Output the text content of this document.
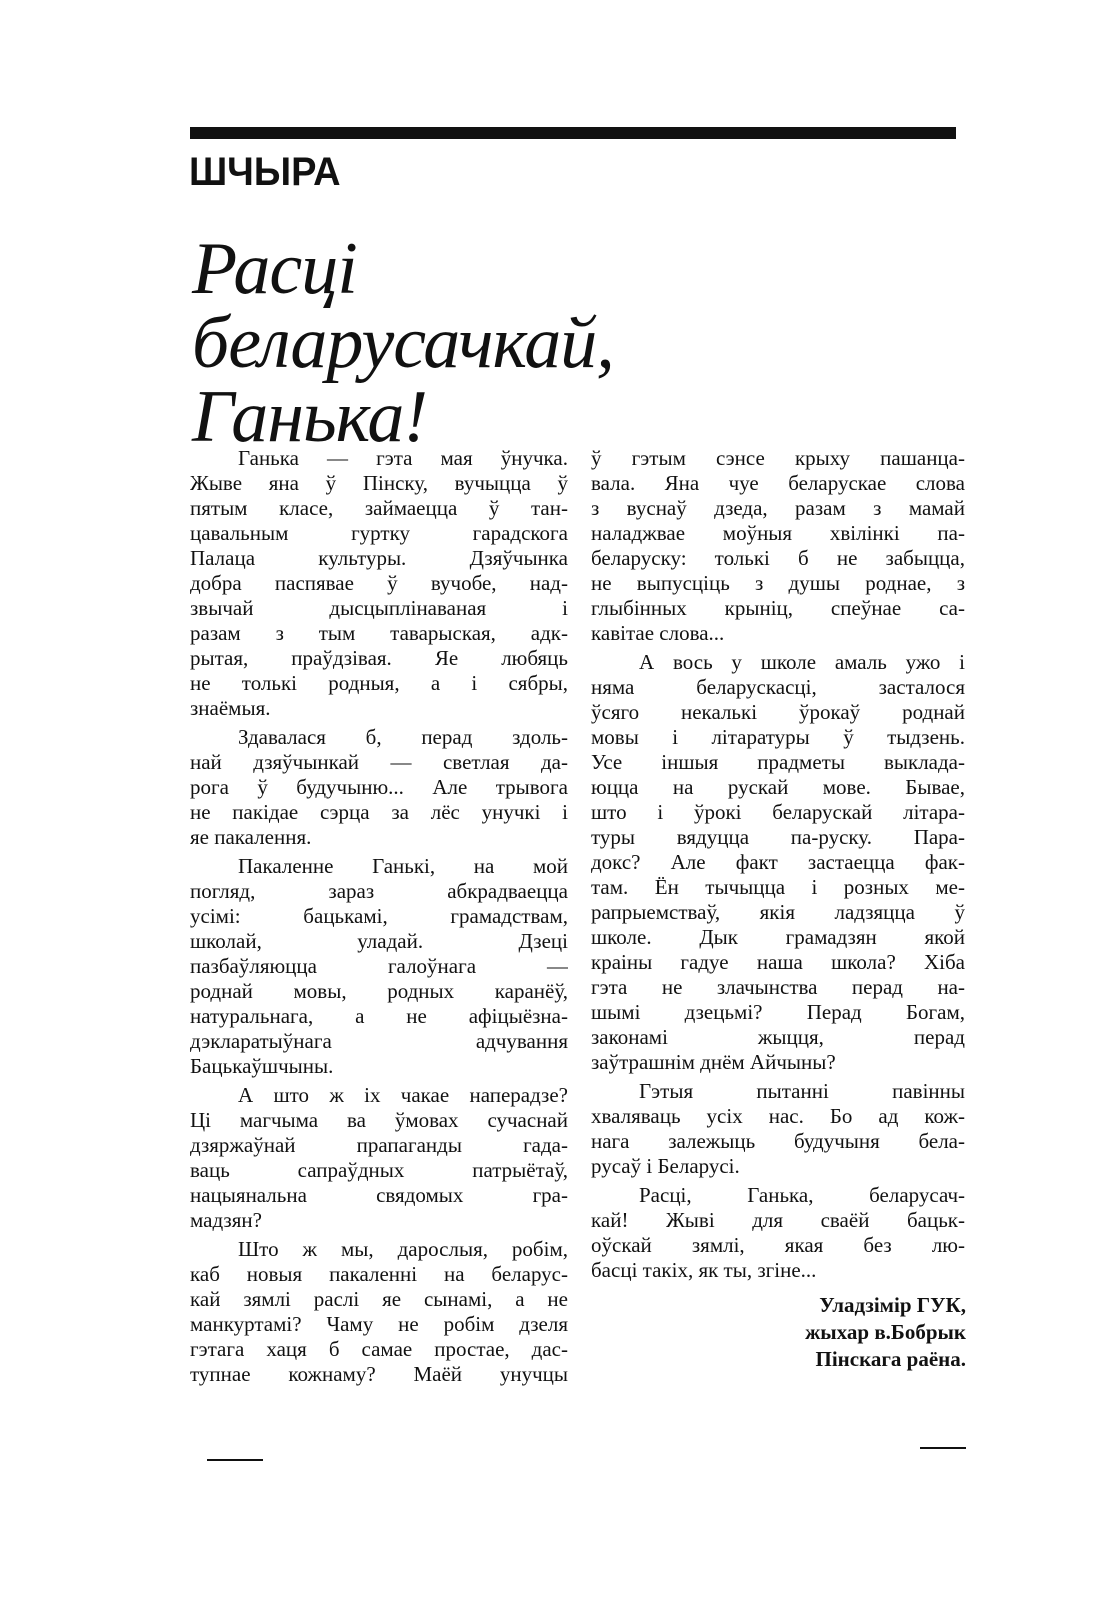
ШЧЫРА
Расці
беларусачкай,
Ганька!
Ганька — гэта мая ўнучка.
Жыве яна ў Пінску, вучыцца ў
пятым класе, займаецца ў тан-
цавальным гуртку гарадскога
Палаца культуры. Дзяўчынка
добра паспявае ў вучобе, над-
звычай дысцыплінаваная і
разам з тым таварыская, адк-
рытая, праўдзівая. Яе любяць
не толькі родныя, а і сябры,
знаёмыя.
Здавалася б, перад здоль-
най дзяўчынкай — светлая да-
рога ў будучыню... Але трывога
не пакідае сэрца за лёс унучкі і
яе пакалення.
Пакаленне Ганькі, на мой
погляд, зараз абкрадваецца
усімі: бацькамі, грамадствам,
школай, уладай. Дзеці
пазбаўляюцца галоўнага —
роднай мовы, родных каранёў,
натуральнага, а не афіцыёзна-
дэкларатыўнага адчування
Бацькаўшчыны.
А што ж іх чакае наперадзе?
Ці магчыма ва ўмовах сучаснай
дзяржаўнай прапаганды гада-
ваць сапраўдных патрыётаў,
нацыянальна свядомых гра-
мадзян?
Што ж мы, дарослыя, робім,
каб новыя пакаленні на беларус-
кай зямлі раслі яе сынамі, а не
манкуртамі? Чаму не робім дзеля
гэтага хаця б самае простае, дас-
тупнае кожнаму? Маёй унучцы
ў гэтым сэнсе крыху пашанца-
вала. Яна чуе беларускае слова
з вуснаў дзеда, разам з мамай
наладжвае моўныя хвілінкі па-
беларуску: толькі б не забыцца,
не выпусціць з душы роднае, з
глыбінных крыніц, спеўнае са-
кавітае слова...
А вось у школе амаль ужо і
няма беларускасці, засталося
ўсяго некалькі ўрокаў роднай
мовы і літаратуры ў тыдзень.
Усе іншыя прадметы выклада-
юцца на рускай мове. Бывае,
што і ўрокі беларускай літара-
туры вядуцца па-руску. Пара-
докс? Але факт застаецца фак-
там. Ён тычыцца і розных ме-
рапрыемстваў, якія ладзяцца ў
школе. Дык грамадзян якой
краіны гадуе наша школа? Хіба
гэта не злачынства перад на-
шымі дзецьмі? Перад Богам,
законамі жыцця, перад
заўтрашнім днём Айчыны?
Гэтыя пытанні павінны
хваляваць усіх нас. Бо ад кож-
нага залежыць будучыня бела-
русаў і Беларусі.
Расці, Ганька, беларусач-
кай! Жыві для сваёй бацьк-
оўскай зямлі, якая без лю-
басці такіх, як ты, згіне...
Уладзімір ГУК,
жыхар в.Бобрык
Пінскага раёна.
